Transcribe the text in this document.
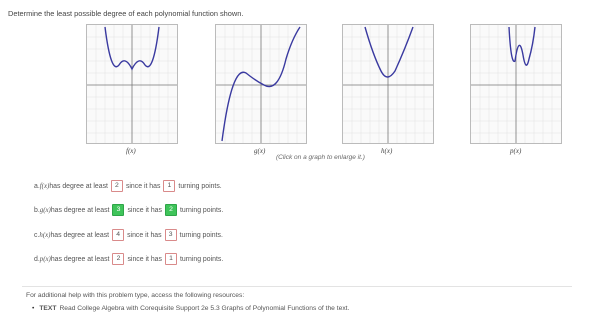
Determine the least possible degree of each polynomial function shown.
f(x)	g(x)	h(x)	p(x)
(Click on a graph to enlarge it.)
a. f(x) has degree at least	2	since it has	1	turning points.
b. g(x) has degree at least	3	since it has	2	turning points.
c. h(x) has degree at least	4	since it has	3	turning points.
d. p(x) has degree at least	2	since it has	1	turning points.
For additional help with this problem type, access the following resources:
• TEXT Read College Algebra with Corequisite Support 2e 5.3 Graphs of Polynomial Functions of the text.
